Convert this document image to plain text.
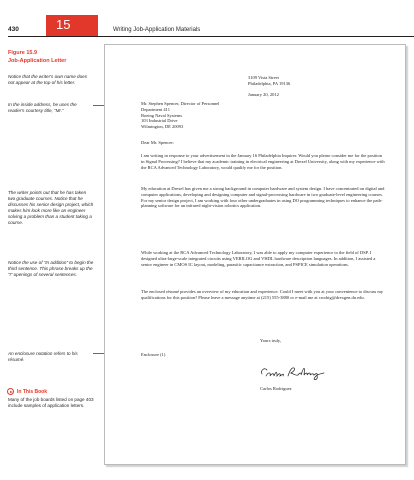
430	15	Writing Job-Application Materials
Figure 15.9
Job-Application Letter
Notice that the writer's own name does not appear at the top of his letter.
In the inside address, he uses the reader's courtesy title, “Mr.”
The writer points out that he has taken two graduate courses. Notice that he discusses his senior design project, which makes him look more like an engineer solving a problem than a student taking a course.
Notice the use of “In addition” to begin the third sentence. This phrase breaks up the “I” openings of several sentences.
An enclosure notation refers to his résumé.
In This Book
Many of the job boards listed on page 403 include samples of application letters.
3109 Vista Street
Philadelphia, PA 19136
January 20, 2012
Mr. Stephen Spencer, Director of Personnel
Department 411
Boeing Naval Systems
103 Industrial Drive
Wilmington, DE 20093
Dear Mr. Spencer:
I am writing in response to your advertisement in the January 16 Philadelphia Inquirer. Would you please consider me for the position in Signal Processing? I believe that my academic training in electrical engineering at Drexel University, along with my experience with the RCA Advanced Technology Laboratory, would qualify me for the position.
My education at Drexel has given me a strong background in computer hardware and system design. I have concentrated on digital and computer applications, developing and designing computer and signal-processing hardware in two graduate-level engineering courses. For my senior design project, I am working with four other undergraduates in using DO programming techniques to enhance the path-planning software for an infrared night-vision robotics application.
While working at the RCA Advanced Technology Laboratory, I was able to apply my computer experience to the field of DSP. I designed ultra-large-scale integrated circuits using VERILOG and VHDL hardware description languages. In addition, I assisted a senior engineer in CMOS IC layout, modeling, parasitic capacitance extraction, and PSPICE simulation operations.
The enclosed résumé provides an overview of my education and experience. Could I meet with you at your convenience to discuss my qualifications for this position? Please leave a message anytime at (215) 555-3880 or e-mail me at crodrig@drexgen.du.edu.
Yours truly,
Carlos Rodriguez
Enclosure (1)
